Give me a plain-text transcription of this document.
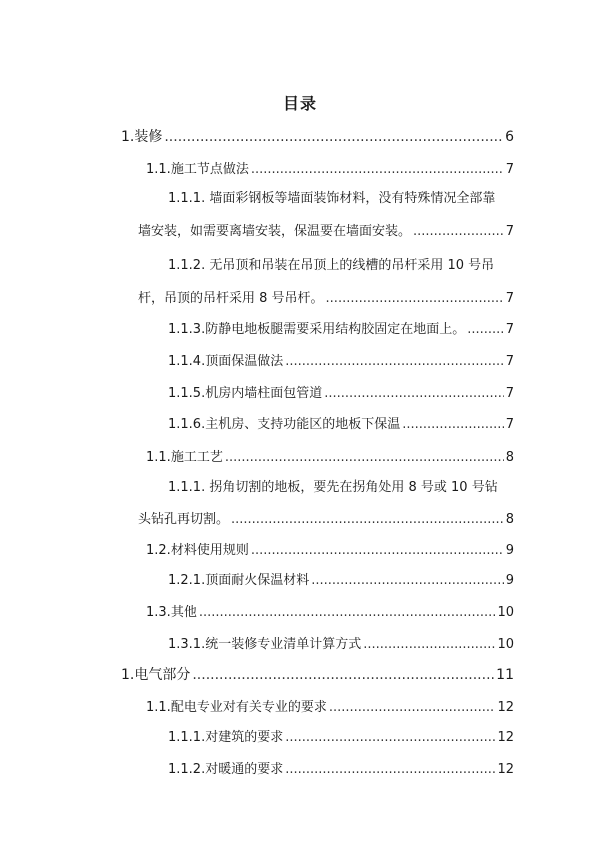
目录
1. 装修 .....	6
1.1. 施工节点做法 .....	7
1.1.1. 墙面彩钢板等墙面装饰材料，没有特殊情况全部靠
墙安装，如需要离墙安装，保温要在墙面安装。 .....	7
1.1.2. 无吊顶和吊装在吊顶上的线槽的吊杆采用 10 号吊
杆，吊顶的吊杆采用 8 号吊杆。 .....	7
1.1.3. 防静电地板腿需要采用结构胶固定在地面上。 .....	7
1.1.4. 顶面保温做法 .....	7
1.1.5. 机房内墙柱面包管道 .....	7
1.1.6. 主机房、支持功能区的地板下保温 .....	7
1.1. 施工工艺 .....	8
1.1.1. 拐角切割的地板，要先在拐角处用 8 号或 10 号钻
头钻孔再切割。 .....	8
1.2. 材料使用规则 .....	9
1.2.1. 顶面耐火保温材料 .....	9
1.3. 其他 .....	10
1.3.1. 统一装修专业清单计算方式 .....	10
1. 电气部分 .....	11
1.1. 配电专业对有关专业的要求 .....	12
1.1.1. 对建筑的要求 .....	12
1.1.2. 对暖通的要求 .....	12
